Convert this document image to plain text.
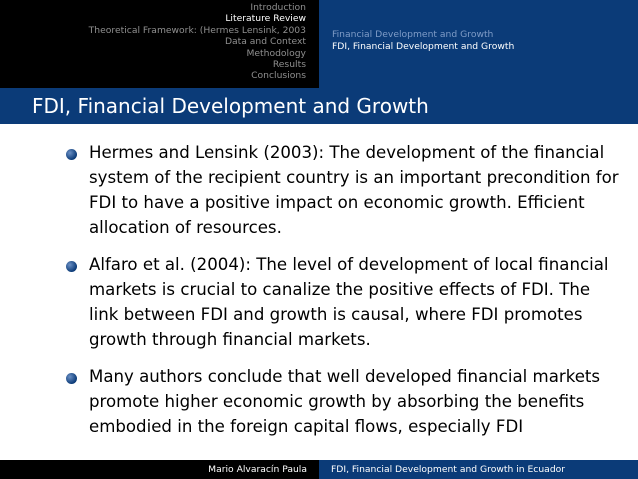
Introduction
Literature Review
Theoretical Framework: (Hermes Lensink, 2003
Data and Context
Methodology
Results
Conclusions
Financial Development and Growth
FDI, Financial Development and Growth
FDI, Financial Development and Growth
Hermes and Lensink (2003): The development of the financial system of the recipient country is an important precondition for FDI to have a positive impact on economic growth. Efficient allocation of resources.
Alfaro et al. (2004): The level of development of local financial markets is crucial to canalize the positive effects of FDI. The link between FDI and growth is causal, where FDI promotes growth through financial markets.
Many authors conclude that well developed financial markets promote higher economic growth by absorbing the benefits embodied in the foreign capital flows, especially FDI
Mario Alvaracín Paula	FDI, Financial Development and Growth in Ecuador
